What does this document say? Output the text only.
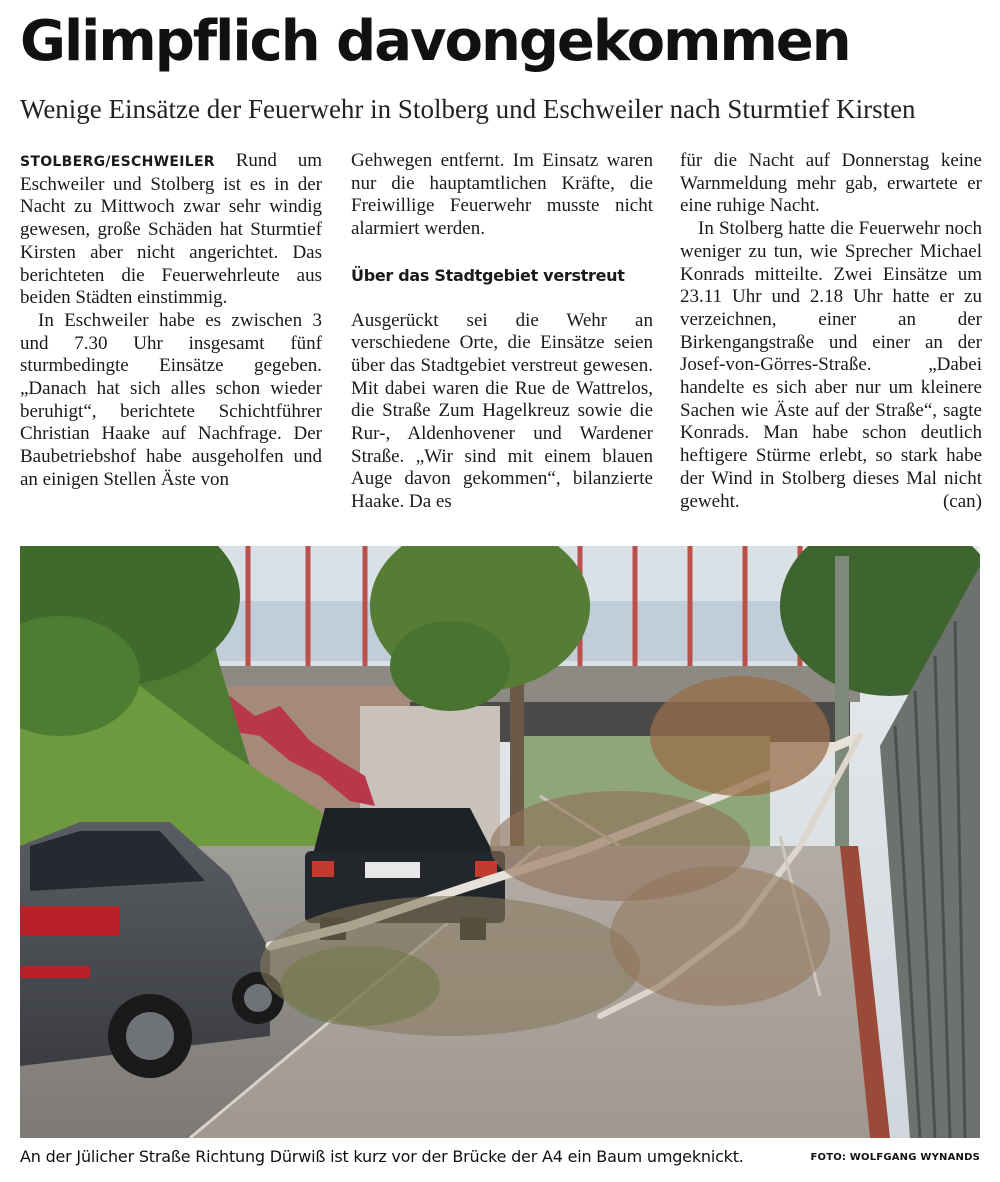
Glimpflich davongekommen
Wenige Einsätze der Feuerwehr in Stolberg und Eschweiler nach Sturmtief Kirsten

STOLBERG/ESCHWEILER Rund um Eschweiler und Stolberg ist es in der Nacht zu Mittwoch zwar sehr windig gewesen, große Schäden hat Sturmtief Kirsten aber nicht angerichtet. Das berichteten die Feuerwehrleute aus beiden Städten einstimmig.

In Eschweiler habe es zwischen 3 und 7.30 Uhr insgesamt fünf sturmbedingte Einsätze gegeben. „Danach hat sich alles schon wieder beruhigt“, berichtete Schichtführer Christian Haake auf Nachfrage. Der Baubetriebshof habe ausgeholfen und an einigen Stellen Äste von

Gehwegen entfernt. Im Einsatz waren nur die hauptamtlichen Kräfte, die Freiwillige Feuerwehr musste nicht alarmiert werden.

Über das Stadtgebiet verstreut

Ausgerückt sei die Wehr an verschiedene Orte, die Einsätze seien über das Stadtgebiet verstreut gewesen. Mit dabei waren die Rue de Wattrelos, die Straße Zum Hagelkreuz sowie die Rur-, Aldenhovener und Wardener Straße. „Wir sind mit einem blauen Auge davon gekommen“, bilanzierte Haake. Da es

für die Nacht auf Donnerstag keine Warnmeldung mehr gab, erwartete er eine ruhige Nacht.

In Stolberg hatte die Feuerwehr noch weniger zu tun, wie Sprecher Michael Konrads mitteilte. Zwei Einsätze um 23.11 Uhr und 2.18 Uhr hatte er zu verzeichnen, einer an der Birkengangstraße und einer an der Josef-von-Görres-Straße. „Dabei handelte es sich aber nur um kleinere Sachen wie Äste auf der Straße“, sagte Konrads. Man habe schon deutlich heftigere Stürme erlebt, so stark habe der Wind in Stolberg dieses Mal nicht geweht.	(can)

An der Jülicher Straße Richtung Dürwiß ist kurz vor der Brücke der A4 ein Baum umgeknickt.	FOTO: WOLFGANG WYNANDS
